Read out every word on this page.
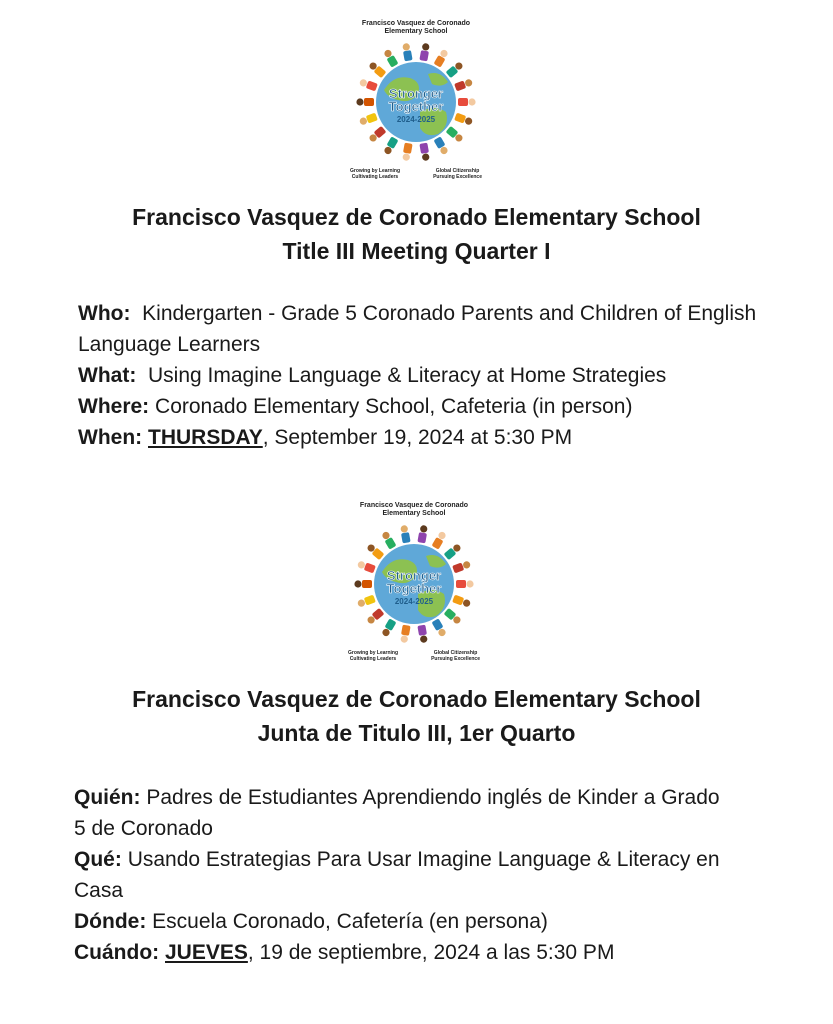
Francisco Vasquez de Coronado
Elementary School
Stronger
Together
2024-2025
Growing by Learning
Cultivating Leaders
Global Citizenship
Pursuing Excellence
Francisco Vasquez de Coronado Elementary School
Title III Meeting Quarter I
Who: Kindergarten - Grade 5 Coronado Parents and Children of English Language Learners
What: Using Imagine Language & Literacy at Home Strategies
Where: Coronado Elementary School, Cafeteria (in person)
When: THURSDAY, September 19, 2024 at 5:30 PM
Francisco Vasquez de Coronado
Elementary School
Stronger
Together
2024-2025
Growing by Learning
Cultivating Leaders
Global Citizenship
Pursuing Excellence
Francisco Vasquez de Coronado Elementary School
Junta de Titulo III, 1er Quarto
Quién: Padres de Estudiantes Aprendiendo inglés de Kinder a Grado 5 de Coronado
Qué: Usando Estrategias Para Usar Imagine Language & Literacy en Casa
Dónde: Escuela Coronado, Cafetería (en persona)
Cuándo: JUEVES, 19 de septiembre, 2024 a las 5:30 PM
